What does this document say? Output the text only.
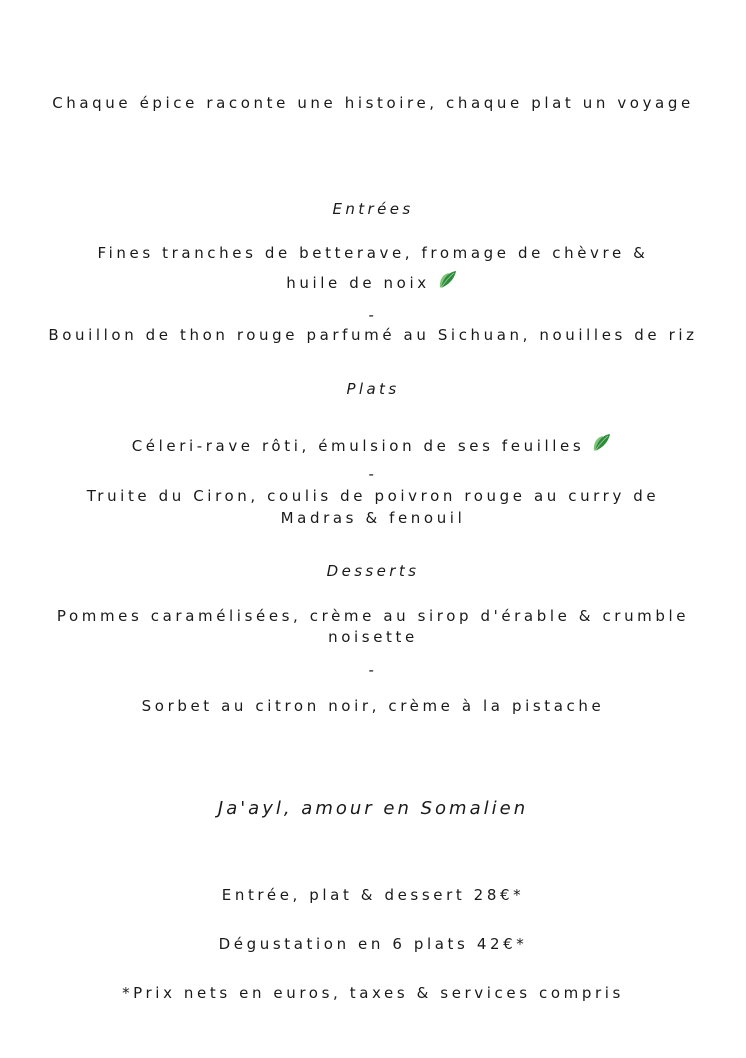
Chaque épice raconte une histoire, chaque plat un voyage
Entrées
Fines tranches de betterave, fromage de chèvre &
huile de noix
-
Bouillon de thon rouge parfumé au Sichuan, nouilles de riz
Plats
Céleri-rave rôti, émulsion de ses feuilles
-
Truite du Ciron, coulis de poivron rouge au curry de
Madras & fenouil
Desserts
Pommes caramélisées, crème au sirop d'érable & crumble
noisette
-
Sorbet au citron noir, crème à la pistache
Ja'ayl, amour en Somalien
Entrée, plat & dessert 28€*
Dégustation en 6 plats 42€*
*Prix nets en euros, taxes & services compris
